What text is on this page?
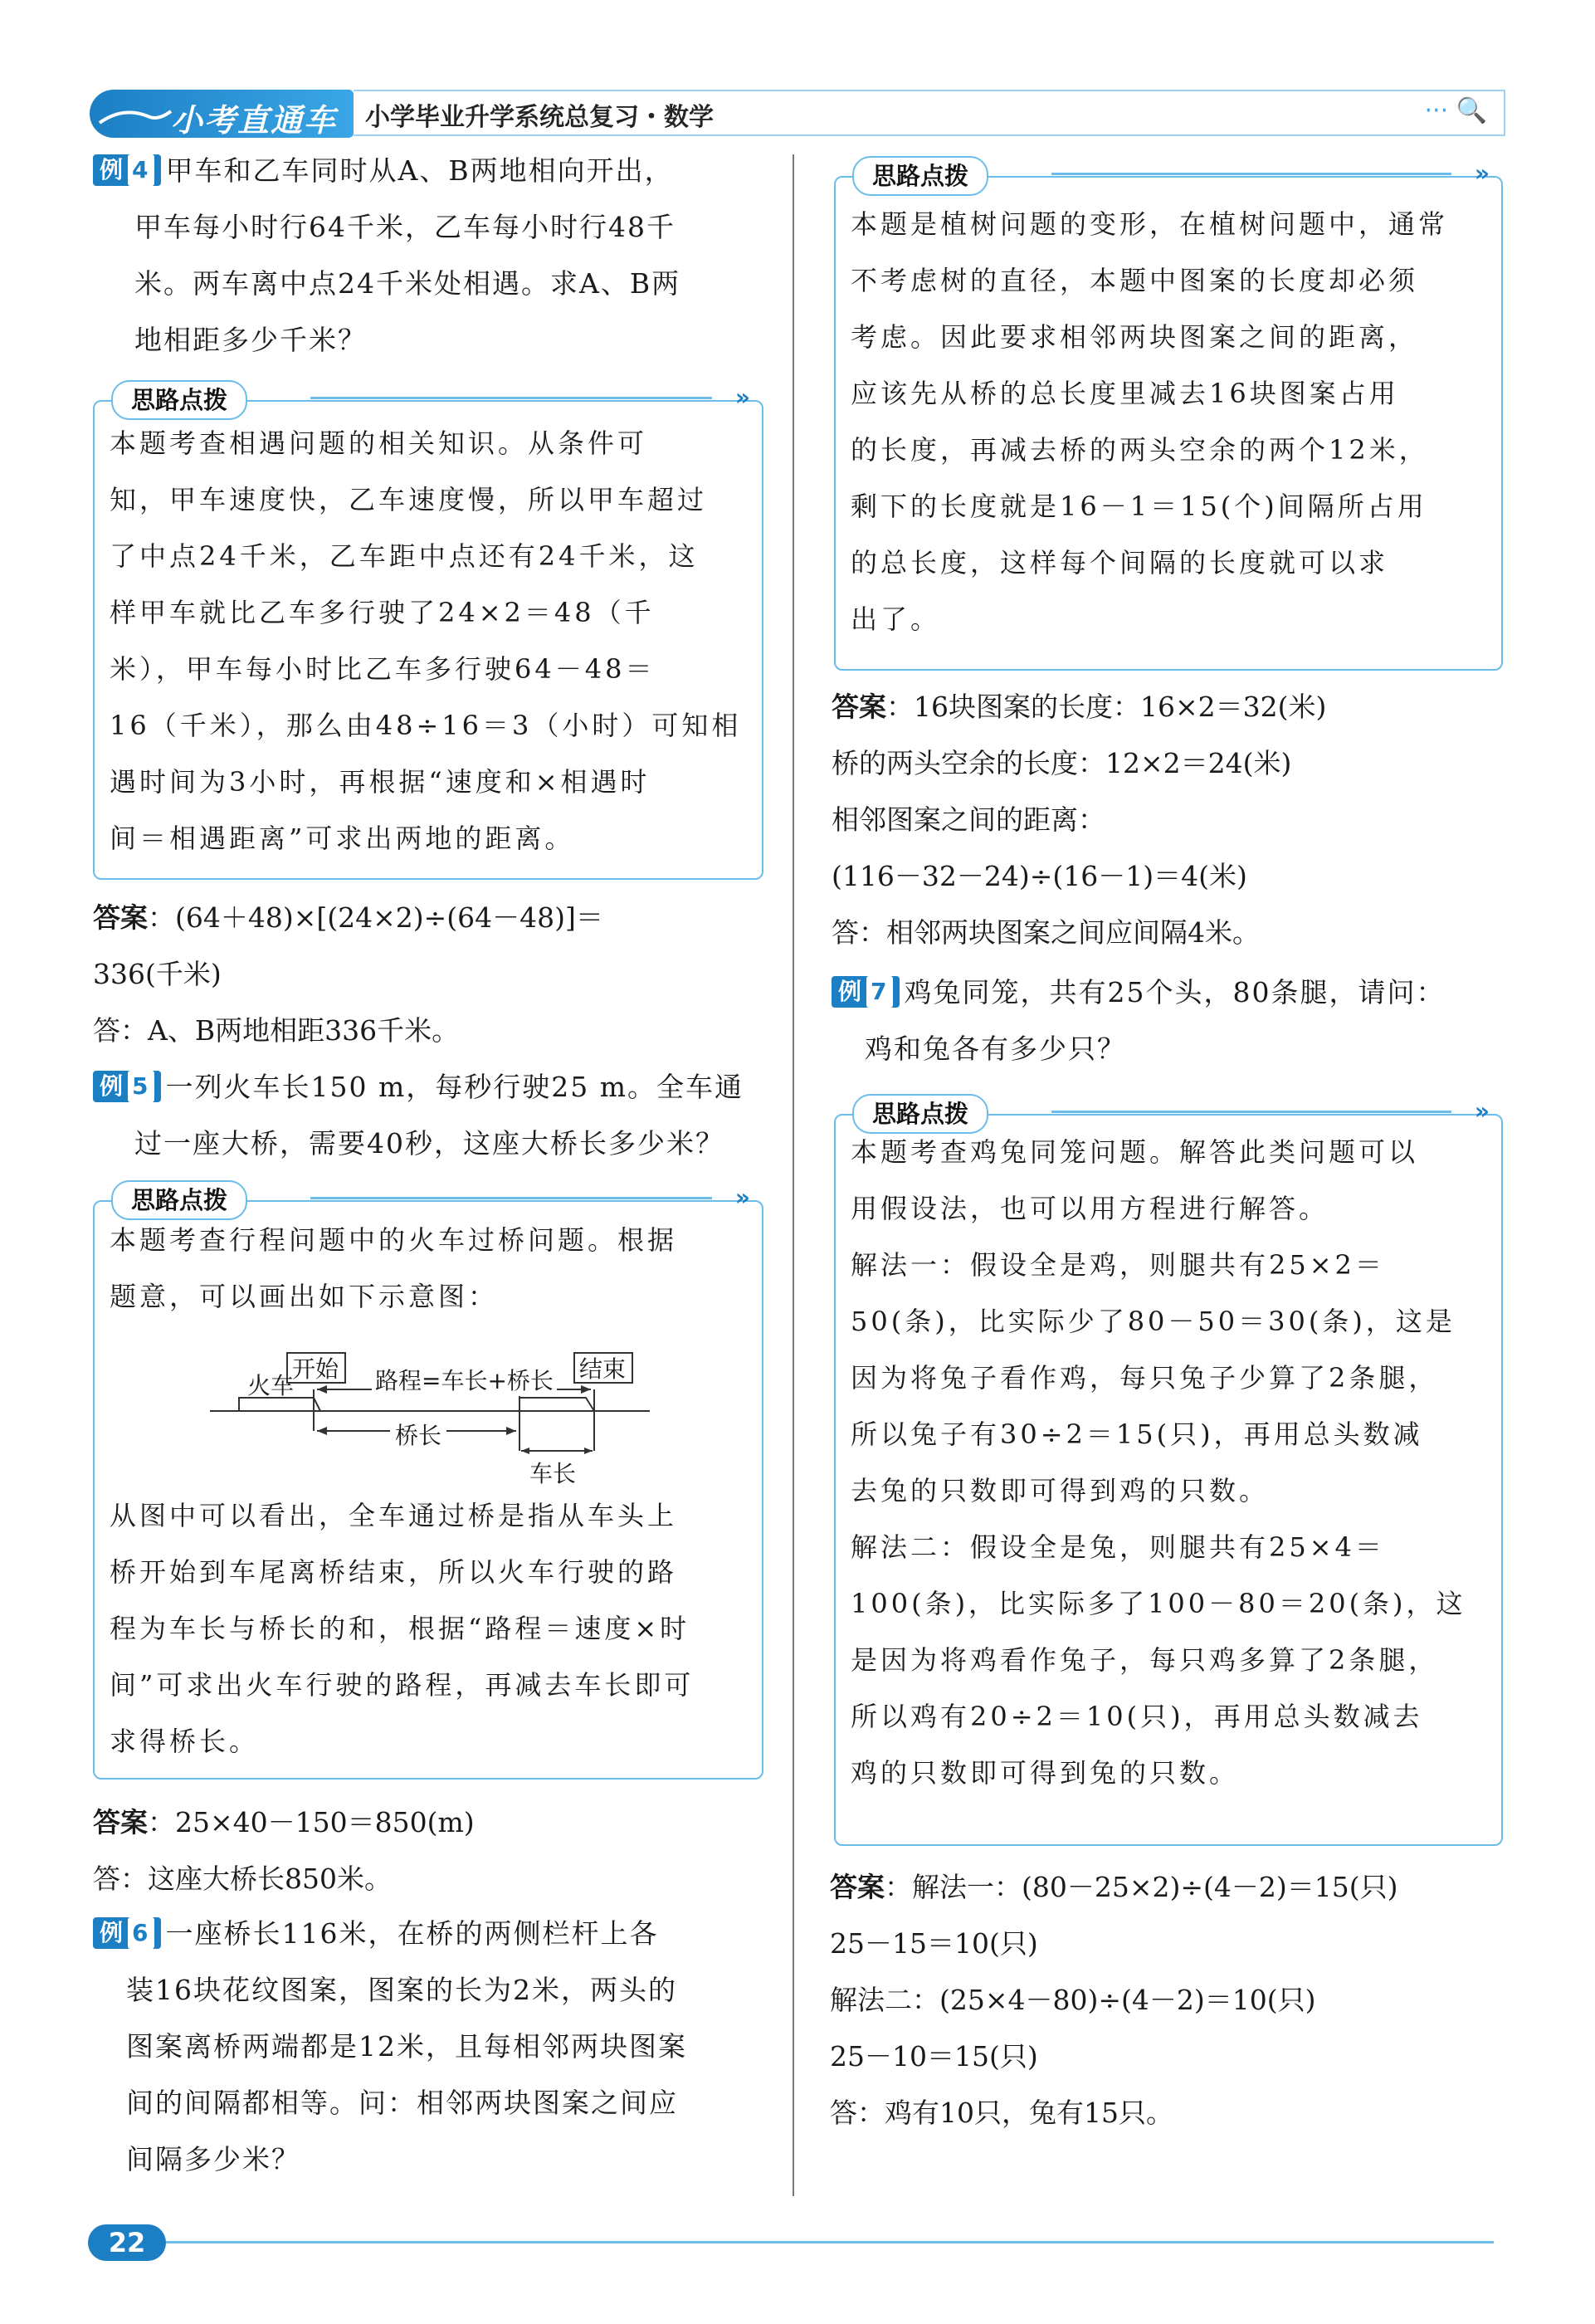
小考直通车 小学毕业升学系统总复习・数学	··· 🔍
例 4 甲车和乙车同时从A、B两地相向开出，
甲车每小时行64千米，乙车每小时行48千
米。两车离中点24千米处相遇。求A、B两
地相距多少千米？
思路点拨	»

本题考查相遇问题的相关知识。从条件可

知，甲车速度快，乙车速度慢，所以甲车超过

了中点24千米，乙车距中点还有24千米，这

样甲车就比乙车多行驶了24×2＝48（千

米），甲车每小时比乙车多行驶64－48＝

16（千米），那么由48÷16＝3（小时）可知相

遇时间为3小时，再根据“速度和×相遇时

间＝相遇距离”可求出两地的距离。

答案：(64＋48)×[(24×2)÷(64－48)]＝
336(千米)
答：A、B两地相距336千米。
例 5 一列火车长150 m，每秒行驶25 m。全车通
过一座大桥，需要40秒，这座大桥长多少米？
思路点拨	»

本题考查行程问题中的火车过桥问题。根据

题意，可以画出如下示意图：

从图中可以看出，全车通过桥是指从车头上

桥开始到车尾离桥结束，所以火车行驶的路

程为车长与桥长的和，根据“路程＝速度×时

间”可求出火车行驶的路程，再减去车长即可

求得桥长。

开始	结束
火车	路程=车长+桥长
桥长
车长
答案：25×40－150＝850(m)
答：这座大桥长850米。
例 6 一座桥长116米，在桥的两侧栏杆上各
装16块花纹图案，图案的长为2米，两头的
图案离桥两端都是12米，且每相邻两块图案
间的间隔都相等。问：相邻两块图案之间应
间隔多少米？
思路点拨	»

本题是植树问题的变形，在植树问题中，通常

不考虑树的直径，本题中图案的长度却必须

考虑。因此要求相邻两块图案之间的距离，

应该先从桥的总长度里减去16块图案占用

的长度，再减去桥的两头空余的两个12米，

剩下的长度就是16－1＝15(个)间隔所占用

的总长度，这样每个间隔的长度就可以求

出了。

答案：16块图案的长度：16×2＝32(米)
桥的两头空余的长度：12×2＝24(米)
相邻图案之间的距离：
(116－32－24)÷(16－1)＝4(米)
答：相邻两块图案之间应间隔4米。
例 7 鸡兔同笼，共有25个头，80条腿，请问：
鸡和兔各有多少只？
思路点拨	»

本题考查鸡兔同笼问题。解答此类问题可以

用假设法，也可以用方程进行解答。

解法一：假设全是鸡，则腿共有25×2＝

50(条)，比实际少了80－50＝30(条)，这是

因为将兔子看作鸡，每只兔子少算了2条腿，

所以兔子有30÷2＝15(只)，再用总头数减

去兔的只数即可得到鸡的只数。

解法二：假设全是兔，则腿共有25×4＝

100(条)，比实际多了100－80＝20(条)，这

是因为将鸡看作兔子，每只鸡多算了2条腿，

所以鸡有20÷2＝10(只)，再用总头数减去

鸡的只数即可得到兔的只数。

答案：解法一：(80－25×2)÷(4－2)＝15(只)
25－15＝10(只)
解法二：(25×4－80)÷(4－2)＝10(只)
25－10＝15(只)
答：鸡有10只，兔有15只。
22
